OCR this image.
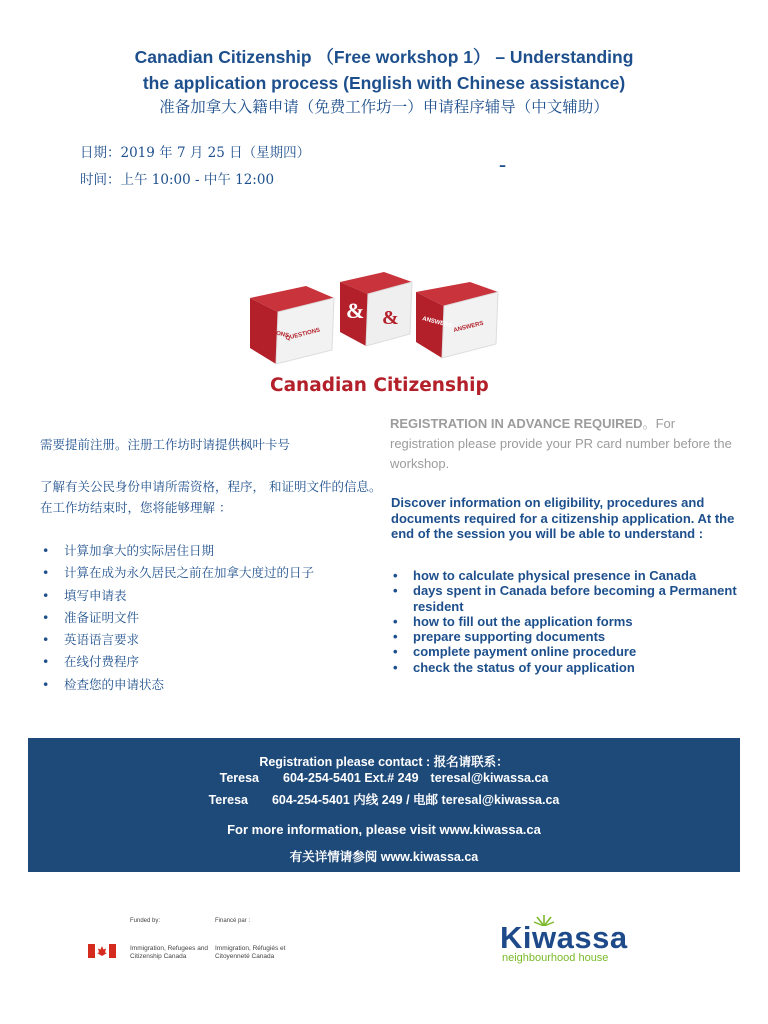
Canadian Citizenship （Free workshop 1） – Understanding
the application process (English with Chinese assistance)
准备加拿大入籍申请（免费工作坊一）申请程序辅导（中文辅助）
日期：2019 年 7 月 25 日（星期四）
时间：上午 10:00 - 中午 12:00
–
QUESTIONS
QUESTIONS
& &	ANSWERS ANSWERS
Canadian Citizenship
需要提前注册。注册工作坊时请提供枫叶卡号
了解有关公民身份申请所需资格，程序， 和证明文件的信息。在工作坊结束时，您将能够理解 ：
• 计算加拿大的实际居住日期
• 计算在成为永久居民之前在加拿大度过的日子
• 填写申请表
• 准备证明文件
• 英语语言要求
• 在线付费程序
• 检查您的申请状态
REGISTRATION IN ADVANCE REQUIRED。For registration please provide your PR card number before the workshop.
Discover information on eligibility, procedures and documents required for a citizenship application. At the end of the session you will be able to understand :
• how to calculate physical presence in Canada
• days spent in Canada before becoming a Permanent resident
• how to fill out the application forms
• prepare supporting documents
• complete payment online procedure
• check the status of your application
Registration please contact : 报名请联系：
Teresa 604-254-5401 Ext.# 249 teresal@kiwassa.ca
Teresa 604-254-5401 内线 249 / 电邮 teresal@kiwassa.ca
For more information, please visit www.kiwassa.ca
有关详情请参阅 www.kiwassa.ca
Funded by:	Financé par :
Immigration, Refugees and Citizenship Canada
Immigration, Réfugiés et Citoyenneté Canada
Kiwassa
neighbourhood house
